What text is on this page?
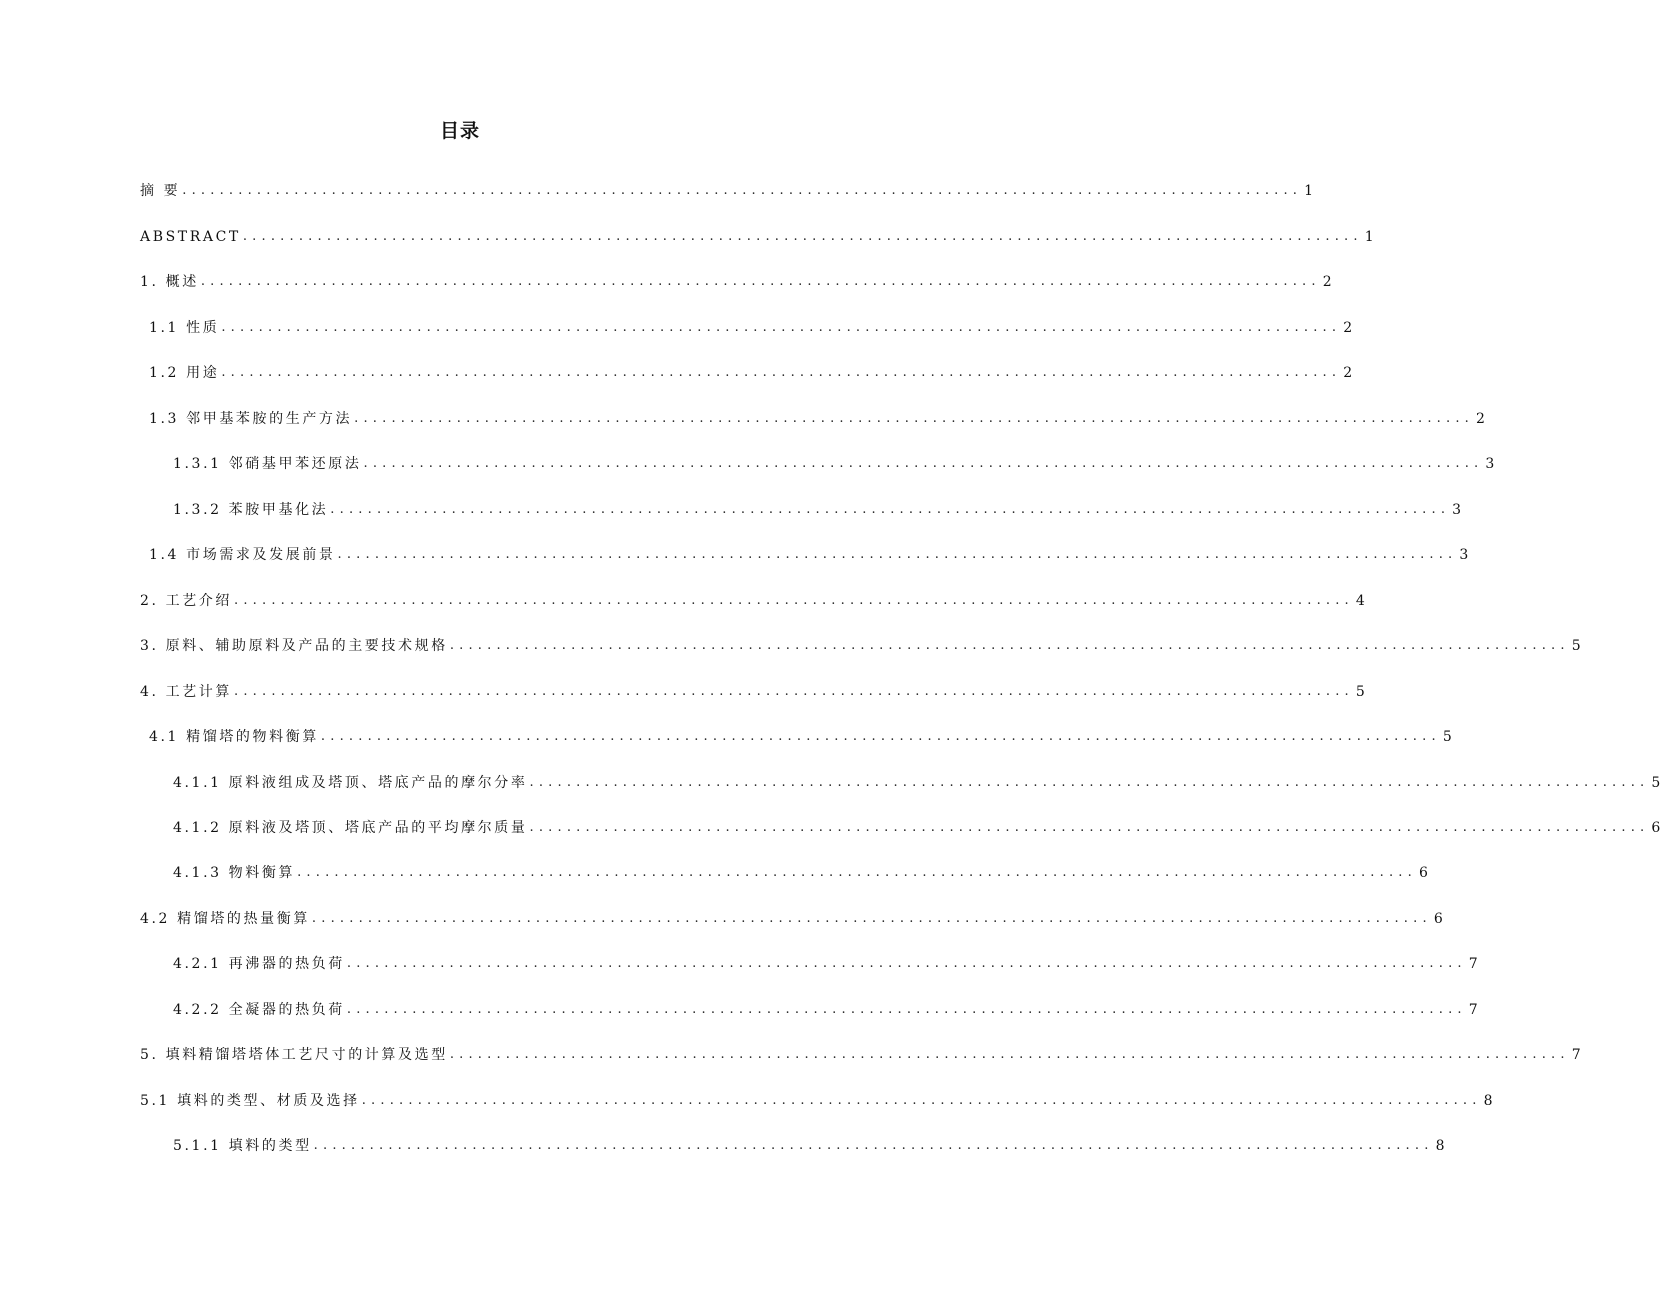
目录
摘 要 ........................................................................................................................ 1
ABSTRACT ........................................................................................................................ 1
1. 概述 ........................................................................................................................ 2
1.1 性质 ........................................................................................................................ 2
1.2 用途 ........................................................................................................................ 2
1.3 邻甲基苯胺的生产方法 ........................................................................................................................ 2
1.3.1 邻硝基甲苯还原法 ........................................................................................................................ 3
1.3.2 苯胺甲基化法 ........................................................................................................................ 3
1.4 市场需求及发展前景 ........................................................................................................................ 3
2. 工艺介绍 ........................................................................................................................ 4
3. 原料、辅助原料及产品的主要技术规格 ........................................................................................................................ 5
4. 工艺计算 ........................................................................................................................ 5
4.1 精馏塔的物料衡算 ........................................................................................................................ 5
4.1.1 原料液组成及塔顶、塔底产品的摩尔分率 ........................................................................................................................ 5
4.1.2 原料液及塔顶、塔底产品的平均摩尔质量 ........................................................................................................................ 6
4.1.3 物料衡算 ........................................................................................................................ 6
4.2 精馏塔的热量衡算 ........................................................................................................................ 6
4.2.1 再沸器的热负荷 ........................................................................................................................ 7
4.2.2 全凝器的热负荷 ........................................................................................................................ 7
5. 填料精馏塔塔体工艺尺寸的计算及选型 ........................................................................................................................ 7
5.1 填料的类型、材质及选择 ........................................................................................................................ 8
5.1.1 填料的类型 ........................................................................................................................ 8
